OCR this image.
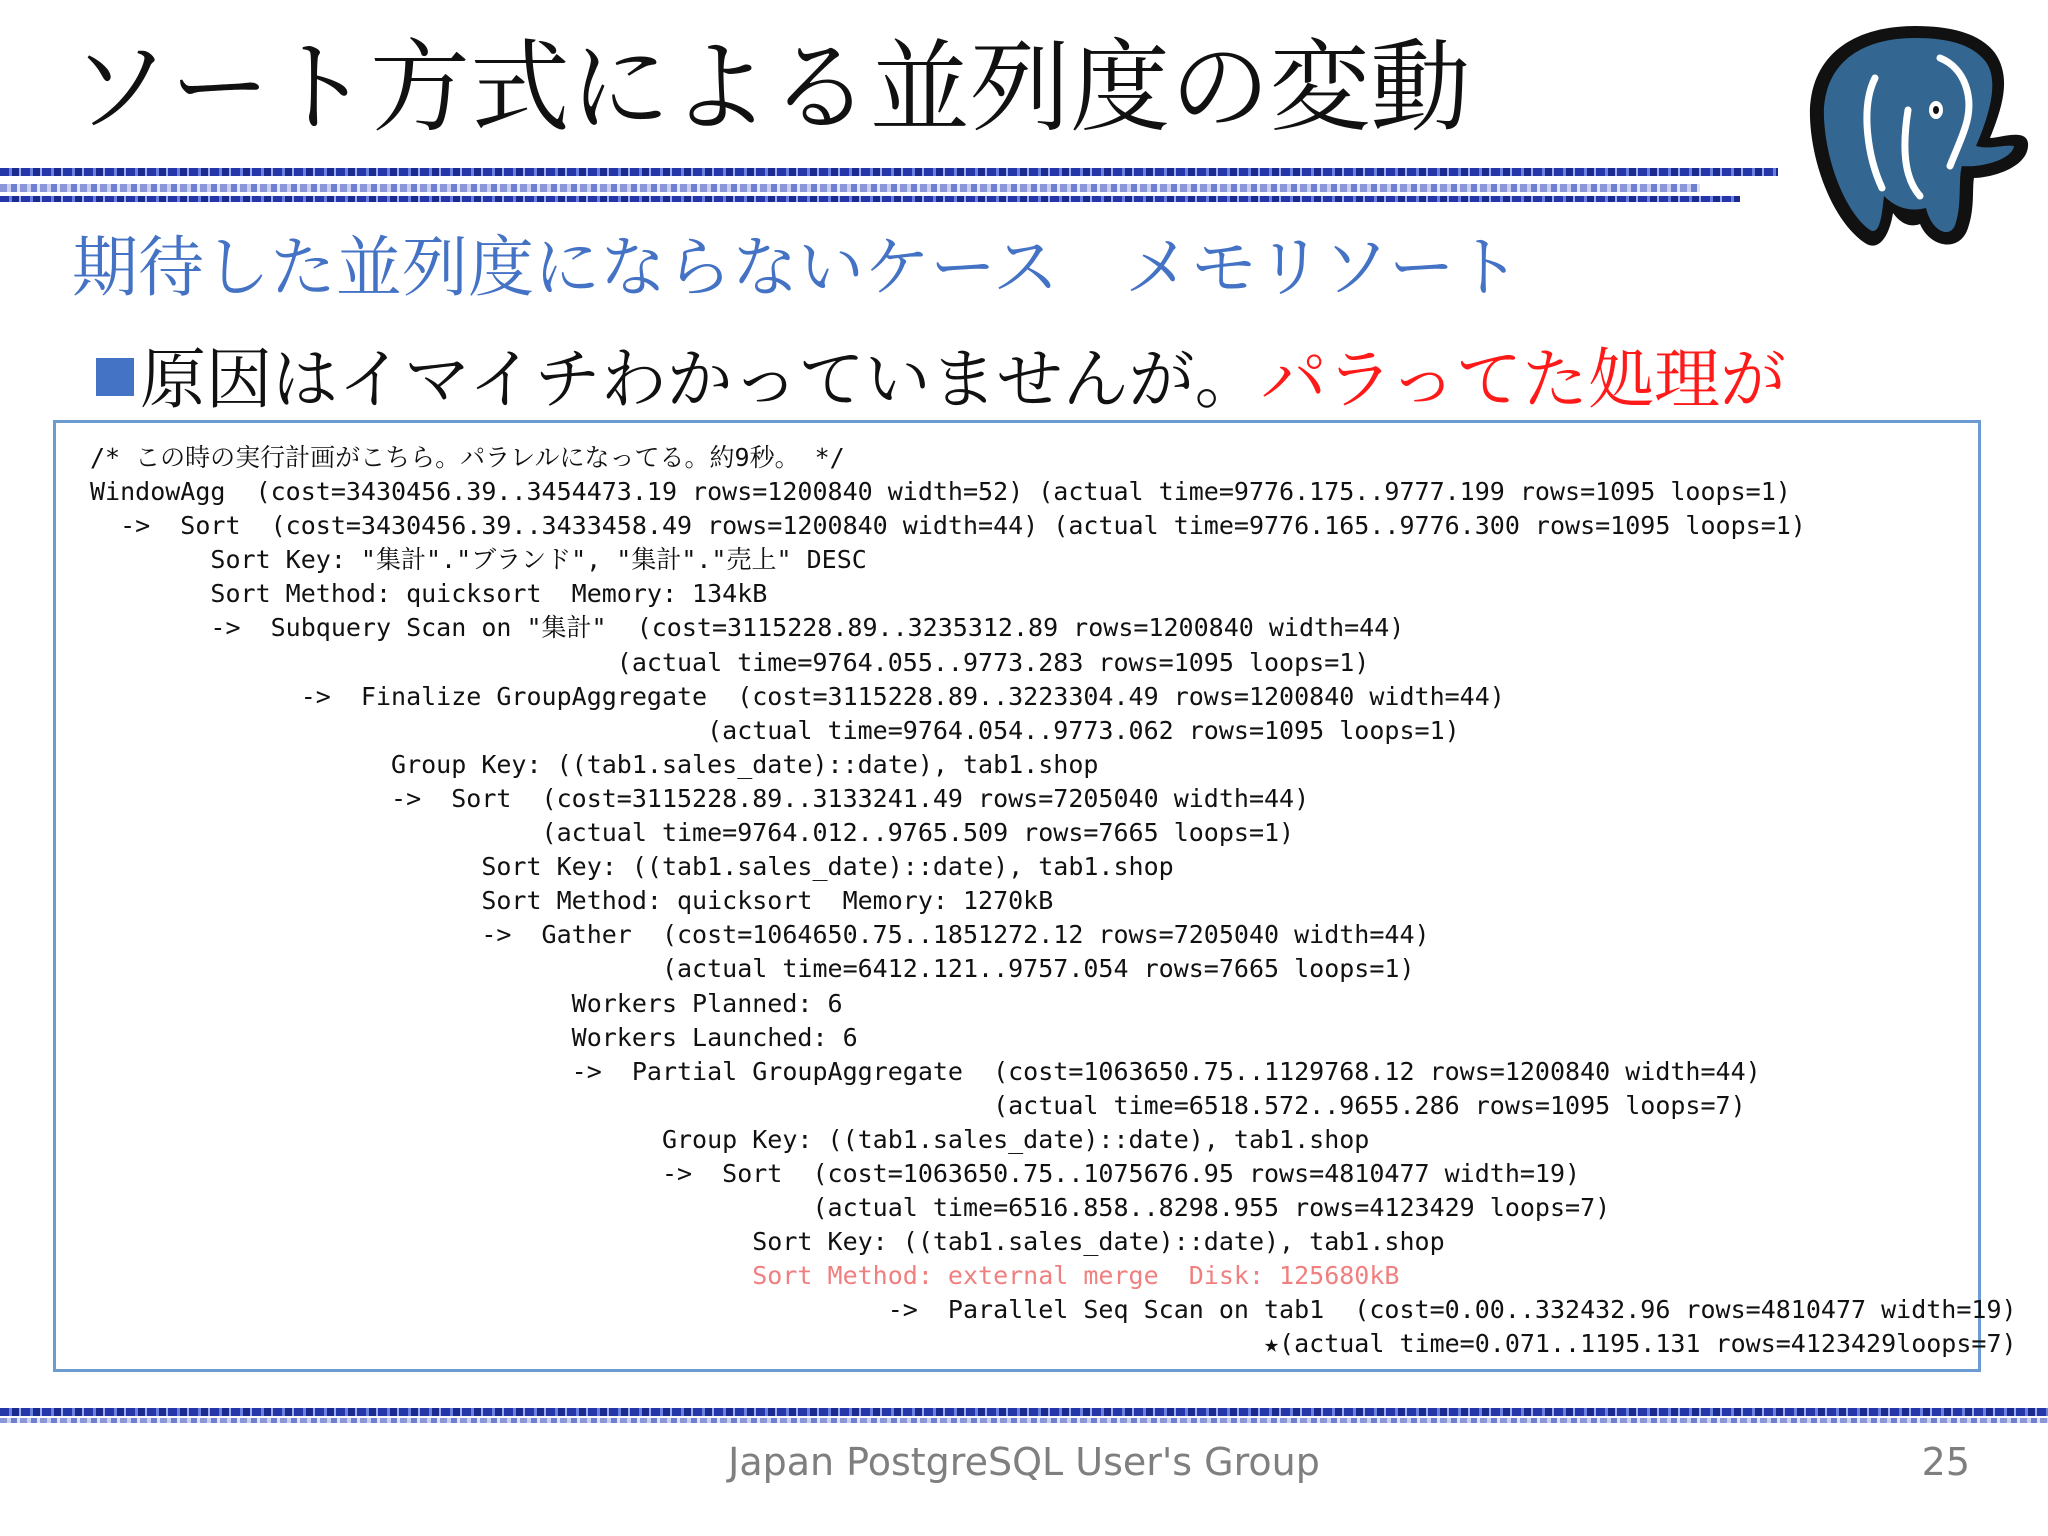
ソート方式による並列度の変動
期待した並列度にならないケース　メモリソート
原因はイマイチわかっていませんが。パラってた処理が
/* この時の実行計画がこちら。パラレルになってる。約9秒。 */
WindowAgg  (cost=3430456.39..3454473.19 rows=1200840 width=52) (actual time=9776.175..9777.199 rows=1095 loops=1)
->  Sort  (cost=3430456.39..3433458.49 rows=1200840 width=44) (actual time=9776.165..9776.300 rows=1095 loops=1)
Sort Key: "集計"."ブランド", "集計"."売上" DESC
Sort Method: quicksort  Memory: 134kB
->  Subquery Scan on "集計"  (cost=3115228.89..3235312.89 rows=1200840 width=44)
(actual time=9764.055..9773.283 rows=1095 loops=1)
->  Finalize GroupAggregate  (cost=3115228.89..3223304.49 rows=1200840 width=44)
(actual time=9764.054..9773.062 rows=1095 loops=1)
Group Key: ((tab1.sales_date)::date), tab1.shop
->  Sort  (cost=3115228.89..3133241.49 rows=7205040 width=44)
(actual time=9764.012..9765.509 rows=7665 loops=1)
Sort Key: ((tab1.sales_date)::date), tab1.shop
Sort Method: quicksort  Memory: 1270kB
->  Gather  (cost=1064650.75..1851272.12 rows=7205040 width=44)
(actual time=6412.121..9757.054 rows=7665 loops=1)
Workers Planned: 6
Workers Launched: 6
->  Partial GroupAggregate  (cost=1063650.75..1129768.12 rows=1200840 width=44)
(actual time=6518.572..9655.286 rows=1095 loops=7)
Group Key: ((tab1.sales_date)::date), tab1.shop
->  Sort  (cost=1063650.75..1075676.95 rows=4810477 width=19)
(actual time=6516.858..8298.955 rows=4123429 loops=7)
Sort Key: ((tab1.sales_date)::date), tab1.shop
Sort Method: external merge  Disk: 125680kB
->  Parallel Seq Scan on tab1  (cost=0.00..332432.96 rows=4810477 width=19)
★(actual time=0.071..1195.131 rows=4123429loops=7)
Japan PostgreSQL User's Group	25
